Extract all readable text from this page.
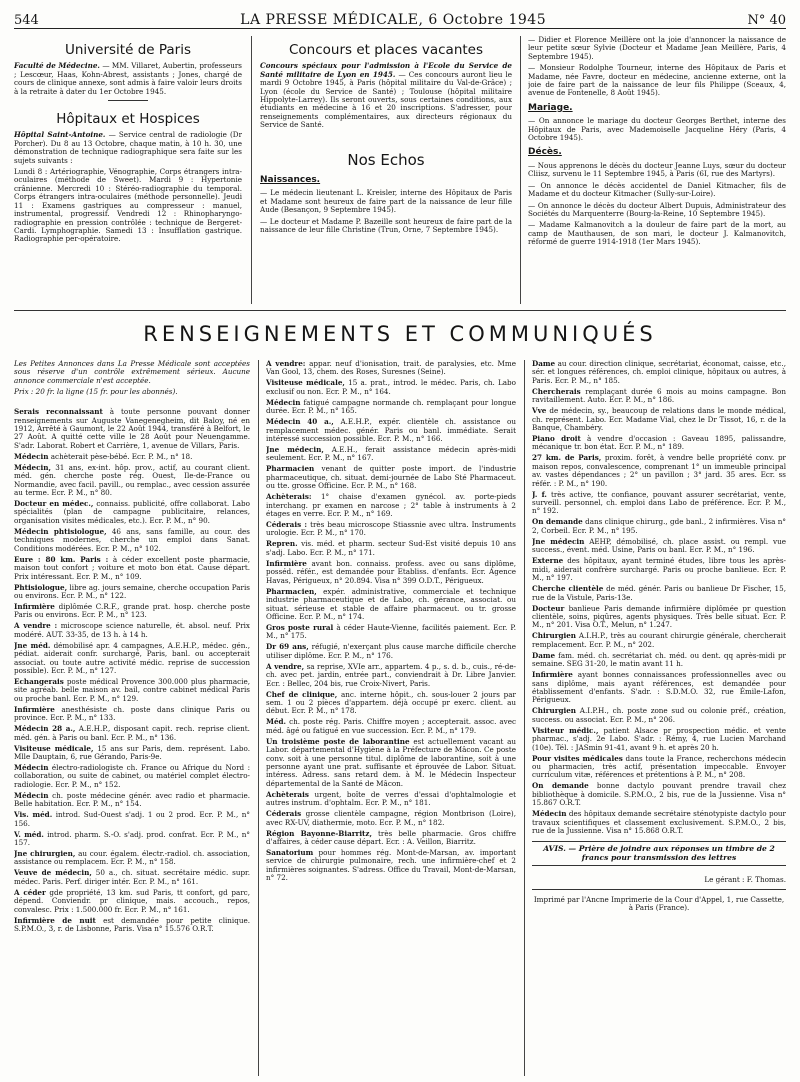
544	LA PRESSE MÉDICALE, 6 Octobre 1945	N° 40
Université de Paris

Faculté de Médecine. — MM. Villaret, Aubertin, professeurs ; Lescœur, Haas, Kohn-Abrest, assistants ; Jones, chargé de cours de clinique annexe, sont admis à faire valoir leurs droits à la retraite à dater du 1er Octobre 1945.

Hôpitaux et Hospices

Hôpital Saint-Antoine. — Service central de radiologie (Dr Porcher). Du 8 au 13 Octobre, chaque matin, à 10 h. 30, une démonstration de technique radiographique sera faite sur les sujets suivants :

Lundi 8 : Artériographie, Vénographie, Corps étrangers intra-oculaires (méthode de Sweet). Mardi 9 : Hypertonie crânienne. Mercredi 10 : Stéréo-radiographie du temporal. Corps étrangers intra-oculaires (méthode personnelle). Jeudi 11 : Examens gastriques au compresseur : manuel, instrumental, progressif. Vendredi 12 : Rhinopharyngo-radiographie en pression contrôlée : technique de Bergeret-Cardi. Lymphographie. Samedi 13 : Insufflation gastrique. Radiographie per-opératoire.

Concours et places vacantes

Concours spéciaux pour l'admission à l'Ecole du Service de Santé militaire de Lyon en 1945. — Ces concours auront lieu le mardi 9 Octobre 1945, à Paris (hôpital militaire du Val-de-Grâce) ; Lyon (école du Service de Santé) ; Toulouse (hôpital militaire Hippolyte-Larrey). Ils seront ouverts, sous certaines conditions, aux étudiants en médecine à 16 et 20 inscriptions. S'adresser, pour renseignements complémentaires, aux directeurs régionaux du Service de Santé.

Nos Echos
Naissances.

— Le médecin lieutenant L. Kreisler, interne des Hôpitaux de Paris et Madame sont heureux de faire part de la naissance de leur fille Aude (Besançon, 9 Septembre 1945).

— Le docteur et Madame P. Bazeille sont heureux de faire part de la naissance de leur fille Christine (Trun, Orne, 7 Septembre 1945).

— Didier et Florence Meillère ont la joie d'annoncer la naissance de leur petite sœur Sylvie (Docteur et Madame Jean Meillère, Paris, 4 Septembre 1945).

— Monsieur Rodolphe Tourneur, interne des Hôpitaux de Paris et Madame, née Favre, docteur en médecine, ancienne externe, ont la joie de faire part de la naissance de leur fils Philippe (Sceaux, 4, avenue de Fontenelle, 8 Août 1945).

Mariage.

— On annonce le mariage du docteur Georges Berthet, interne des Hôpitaux de Paris, avec Mademoiselle Jacqueline Héry (Paris, 4 Octobre 1945).

Décès.

— Nous apprenons le décès du docteur Jeanne Luys, sœur du docteur Cliisz, survenu le 11 Septembre 1945, à Paris (6I, rue des Martyrs).

— On annonce le décès accidentel de Daniel Kitmacher, fils de Madame et du docteur Kitmacher (Sully-sur-Loire).

— On annonce le décès du docteur Albert Dupuis, Administrateur des Sociétés du Marquenterre (Bourg-la-Reine, 10 Septembre 1945).

— Madame Kalmanovitch a la douleur de faire part de la mort, au camp de Mauthausen, de son mari, le docteur J. Kalmanovitch, réformé de guerre 1914-1918 (1er Mars 1945).

RENSEIGNEMENTS ET COMMUNIQUÉS

Les Petites Annonces dans La Presse Médicale sont acceptées sous réserve d'un contrôle extrêmement sérieux. Aucune annonce commerciale n'est acceptée.

Prix : 20 fr. la ligne (15 fr. pour les abonnés).

Serais reconnaissant à toute personne pouvant donner renseignements sur Auguste Vanegenegheim, dit Baloy, né en 1912, Arrêté à Gaumont, le 22 Août 1944, transféré à Belfort, le 27 Août. A quitté cette ville le 28 Août pour Neuengamme. S'adr. Laborat. Robert et Carrière, 1, avenue de Villars, Paris.

Médecin achèterait pèse-bébé. Ecr. P. M., n° 18.

Médecin, 31 ans, ex-int. hôp. prov., actif, au courant client. méd. gén. cherche poste rég. Ouest, Ile-de-France ou Normandie, avec facil. pavill., ou remplac., avec cession assurée au terme. Ecr. P. M., n° 80.

Docteur en médec., connaiss. publicité, offre collaborat. Labo spécialités (plan de campagne publicitaire, relances, organisation visites médicales, etc.). Ecr. P. M., n° 90.

Médecin phtisiologue, 46 ans, sans famille, au cour. des techniques modernes, cherche un emploi dans Sanat. Conditions modérées. Ecr. P. M., n° 102.

Eure : 80 km. Paris : à céder excellent poste pharmacie, maison tout confort ; voiture et moto bon état. Cause départ. Prix intéressant. Ecr. P. M., n° 109.

Phtisiologue, libre ag. jours semaine, cherche occupation Paris ou environs. Ecr. P. M., n° 122.

Infirmière diplômée C.R.F., grande prat. hosp. cherche poste Paris ou environs. Ecr. P. M., n° 123.

A vendre : microscope science naturelle, ét. absol. neuf. Prix modéré. AUT. 33-35, de 13 h. à 14 h.

Jne méd. démobilisé apr. 4 campagnes, A.E.H.P., médec. gén., pédiat. aiderait confr. surchargé, Paris, banl. ou accepterait associat. ou toute autre activité médic. reprise de succession possible). Ecr. P. M., n° 127.

Echangerais poste médical Provence 300.000 plus pharmacie, site agréab. belle maison av. bail, contre cabinet médical Paris ou proche banl. Ecr. P. M., n° 129.

Infirmière anesthésiste ch. poste dans clinique Paris ou province. Ecr. P. M., n° 133.

Médecin 28 a., A.E.H.P., disposant capit. rech. reprise client. méd. gén. à Paris ou banl. Ecr. P. M., n° 136.

Visiteuse médicale, 15 ans sur Paris, dem. représent. Labo. Mlle Dauptain, 6, rue Gérando, Paris-9e.

Médecin électro-radiologiste ch. France ou Afrique du Nord : collaboration, ou suite de cabinet, ou matériel complet électro-radiologie. Ecr. P. M., n° 152.

Médecin ch. poste médecine génér. avec radio et pharmacie. Belle habitation. Ecr. P. M., n° 154.

Vis. méd. introd. Sud-Ouest s'adj. 1 ou 2 prod. Ecr. P. M., n° 156.

V. méd. introd. pharm. S.-O. s'adj. prod. confrat. Ecr. P. M., n° 157.

Jne chirurgien, au cour. égalem. électr.-radiol. ch. association, assistance ou remplacem. Ecr. P. M., n° 158.

Veuve de médecin, 50 a., ch. situat. secrétaire médic. supr. médec. Paris. Perf. diriger intér. Ecr. P. M., n° 161.

A céder gde propriété, 13 km. sud Paris, tt confort, gd parc, dépend. Conviendr. pr clinique, mais. accouch., repos, convalesc. Prix : 1.500.000 fr. Ecr. P. M., n° 161.

Infirmière de nuit est demandée pour petite clinique. S.P.M.O., 3, r. de Lisbonne, Paris. Visa n° 15.576 O.R.T.

A vendre: appar. neuf d'ionisation, trait. de paralysies, etc. Mme Van Gool, 13, chem. des Roses, Suresnes (Seine).

Visiteuse médicale, 15 a. prat., introd. le médec. Paris, ch. Labo exclusif ou non. Ecr. P. M., n° 164.

Médecin fatigué campagne normande ch. remplaçant pour longue durée. Ecr. P. M., n° 165.

Médecin 40 a., A.E.H.P., expér. clientèle ch. assistance ou remplacement médec. génér. Paris ou banl. immédiate. Serait intéressé succession possible. Ecr. P. M., n° 166.

Jne médecin, A.E.H., ferait assistance médecin après-midi seulement. Ecr. P. M., n° 167.

Pharmacien venant de quitter poste import. de l'industrie pharmaceutique, ch. situat. demi-journée de Labo Sté Pharmaceut. ou tte. grosse Officine. Ecr. P. M., n° 168.

Achèterais: 1° chaise d'examen gynécol. av. porte-pieds interchang. pr examen en narcose ; 2° table à instruments à 2 étages en verre. Ecr. P. M., n° 169.

Céderais : très beau microscope Stiassnie avec ultra. Instruments urologie. Ecr. P. M., n° 170.

Repren. vis. méd. et pharm. secteur Sud-Est visité depuis 10 ans s'adj. Labo. Ecr. P. M., n° 171.

Infirmière avant bon. connaiss. profess. avec ou sans diplôme, posséd. référ., est demandée pour Etabliss. d'enfants. Ecr. Agence Havas, Périgueux, n° 20.894. Visa n° 399 O.D.T., Périgueux.

Pharmacien, expér. administrative, commerciale et technique industrie pharmaceutique et de Labo, ch. gérance, associat. ou situat. sérieuse et stable de affaire pharmaceut. ou tr. grosse Officine. Ecr. P. M., n° 174.

Gros poste rural à céder Haute-Vienne, facilités paiement. Ecr. P. M., n° 175.

Dr 69 ans, réfugié, n'exerçant plus cause marche difficile cherche utiliser diplôme. Ecr. P. M., n° 176.

A vendre, sa reprise, XVIe arr., appartem. 4 p., s. d. b., cuis., ré-de-ch. avec pet. jardin, entrée part., conviendrait à Dr. Libre Janvier. Ecr. : Bellec, 204 bis, rue Croix-Nivert, Paris.

Chef de clinique, anc. interne hôpit., ch. sous-louer 2 jours par sem. 1 ou 2 pièces d'appartem. déjà occupé pr exerc. client. au début. Ecr. P. M., n° 178.

Méd. ch. poste rég. Paris. Chiffre moyen ; accepterait. assoc. avec méd. âgé ou fatigué en vue succession. Ecr. P. M., n° 179.

Un troisième poste de laborantine est actuellement vacant au Labor. départemental d'Hygiène à la Préfecture de Mâcon. Ce poste conv. soit à une personne titul. diplôme de laborantine, soit à une personne ayant une prat. suffisante et éprouvée de Labor. Situat. intéress. Adress. sans retard dem. à M. le Médecin Inspecteur départemental de la Santé de Mâcon.

Achèterais urgent, boîte de verres d'essai d'ophtalmologie et autres instrum. d'ophtalm. Ecr. P. M., n° 181.

Céderais grosse clientèle campagne, région Montbrison (Loire), avec RX-UV, diathermie, moto. Ecr. P. M., n° 182.

Région Bayonne-Biarritz, très belle pharmacie. Gros chiffre d'affaires, à céder cause départ. Ecr. : A. Veillon, Biarritz.

Sanatorium pour hommes rég. Mont-de-Marsan, av. important service de chirurgie pulmonaire, rech. une infirmière-chef et 2 infirmières soignantes. S'adress. Office du Travail, Mont-de-Marsan, n° 72.

Dame au cour. direction clinique, secrétariat, économat, caisse, etc., sér. et longues références, ch. emploi clinique, hôpitaux ou autres, à Paris. Ecr. P. M., n° 185.

Chercherais remplaçant durée 6 mois au moins campagne. Bon ravitaillement. Auto. Ecr. P. M., n° 186.

Vve de médecin, sy., beaucoup de relations dans le monde médical, ch. représent. Labo. Ecr. Madame Vial, chez le Dr Tissot, 16, r. de la Banque, Chambéry.

Piano droit à vendre d'occasion : Gaveau 1895, palissandre, mécanique tr. bon état. Ecr. P. M., n° 189.

27 km. de Paris, proxim. forêt, à vendre belle propriété conv. pr maison repos, convalescence, comprenant 1° un immeuble principal av. vastes dépendances ; 2° un pavillon ; 3° jard. 35 ares. Ecr. ss référ. : P. M., n° 190.

J. f. très active, tte confiance, pouvant assurer secrétariat, vente, surveill. personnel, ch. emploi dans Labo de préférence. Ecr. P. M., n° 192.

On demande dans clinique chirurg., gde banl., 2 infirmières. Visa n° 2, Corbeil. Ecr. P. M., n° 195.

Jne médecin AEHP, démobilisé, ch. place assist. ou rempl. vue success., évent. méd. Usine, Paris ou banl. Ecr. P. M., n° 196.

Externe des hôpitaux, ayant terminé études, libre tous les après-midi, aiderait confrère surchargé. Paris ou proche banlieue. Ecr. P. M., n° 197.

Cherche clientèle de méd. génér. Paris ou banlieue Dr Fischer, 15, rue de la Vistule, Paris-13e.

Docteur banlieue Paris demande infirmière diplômée pr question clientèle, soins, piqûres, agents physiques. Très belle situat. Ecr. P. M., n° 201. Visa O.T., Melun, n° 1.247.

Chirurgien A.I.H.P., très au courant chirurgie générale, chercherait remplacement. Ecr. P. M., n° 202.

Dame fam. méd. ch. secrétariat ch. méd. ou dent. qq après-midi pr semaine. SEG 31-20, le matin avant 11 h.

Infirmière ayant bonnes connaissances professionnelles avec ou sans diplôme, mais ayant références, est demandée pour établissement d'enfants. S'adr. : S.D.M.O. 32, rue Émile-Lafon, Périgueux.

Chirurgien A.I.P.H., ch. poste zone sud ou colonie préf., création, success. ou associat. Ecr. P. M., n° 206.

Visiteur médic., patient Alsace pr prospection médic. et vente pharmac., s'adj. 2e Labo. S'adr. : Rémy, 4, rue Lucien Marchand (10e). Tél. : JASmin 91-41, avant 9 h. et après 20 h.

Pour visites médicales dans toute la France, recherchons médecin ou pharmacien, très actif, présentation impeccable. Envoyer curriculum vitæ, références et prétentions à P. M., n° 208.

On demande bonne dactylo pouvant prendre travail chez bibliothèque à domicile. S.P.M.O., 2 bis, rue de la Jussienne. Visa n° 15.867 O.R.T.

Médecin des hôpitaux demande secrétaire sténotypiste dactylo pour travaux scientifiques et classement exclusivement. S.P.M.O., 2 bis, rue de la Jussienne. Visa n° 15.868 O.R.T.

AVIS. — Prière de joindre aux réponses un timbre de 2 francs pour transmission des lettres
Le gérant : F. Thomas.
Imprimé par l'Ancne Imprimerie de la Cour d'Appel, 1, rue Cassette, à Paris (France).
